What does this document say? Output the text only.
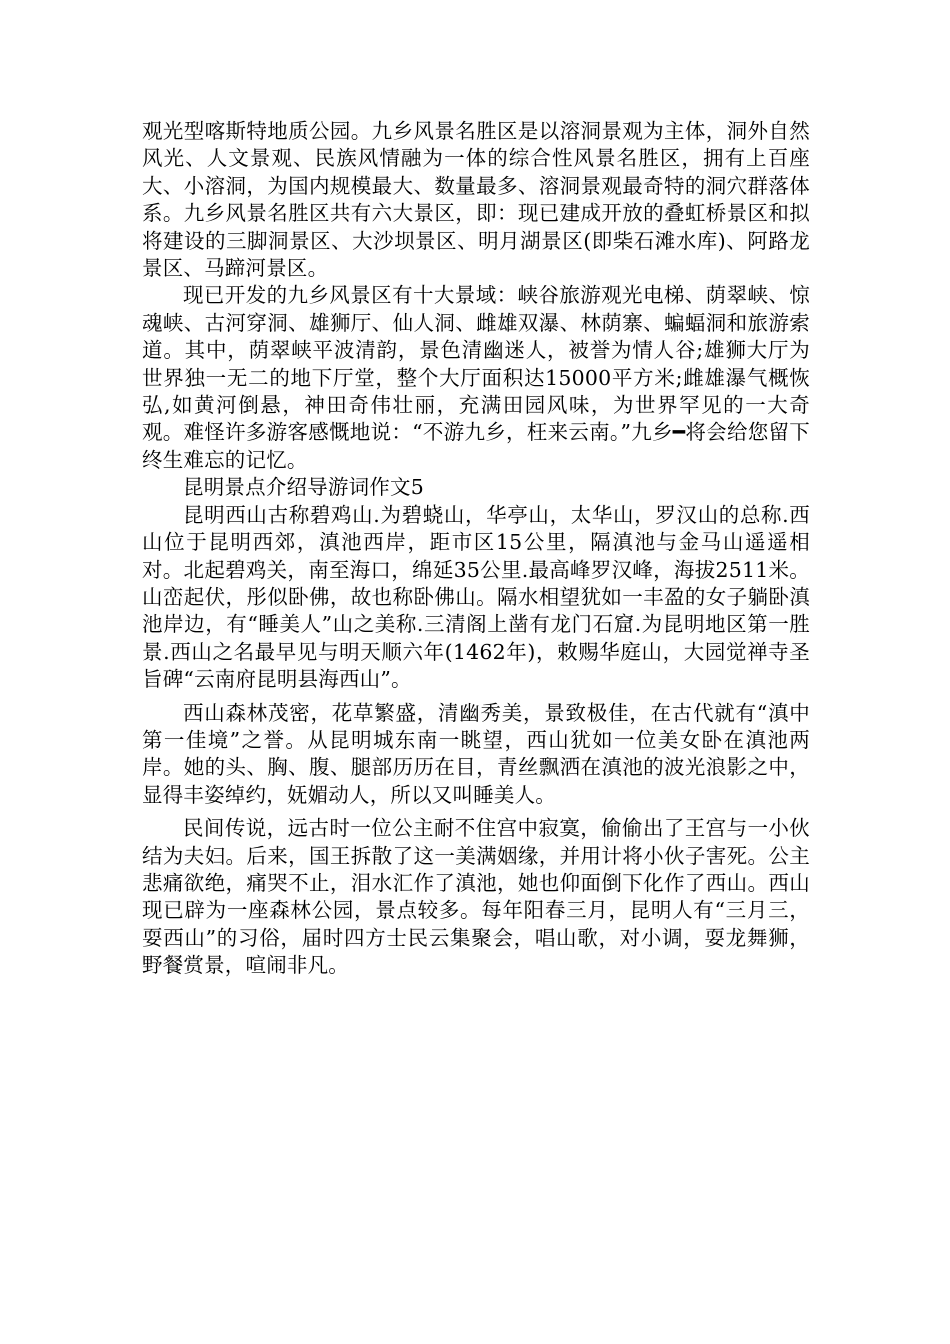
观光型喀斯特地质公园。九乡风景名胜区是以溶洞景观为主体，洞外自然风光、人文景观、民族风情融为一体的综合性风景名胜区，拥有上百座大、小溶洞，为国内规模最大、数量最多、溶洞景观最奇特的洞穴群落体系。九乡风景名胜区共有六大景区，即：现已建成开放的叠虹桥景区和拟将建设的三脚洞景区、大沙坝景区、明月湖景区(即柴石滩水库)、阿路龙景区、马蹄河景区。

现已开发的九乡风景区有十大景域：峡谷旅游观光电梯、荫翠峡、惊魂峡、古河穿洞、雄狮厅、仙人洞、雌雄双瀑、林荫寨、蝙蝠洞和旅游索道。其中，荫翠峡平波清韵，景色清幽迷人，被誉为情人谷;雄狮大厅为世界独一无二的地下厅堂，整个大厅面积达15000平方米;雌雄瀑气概恢弘,如黄河倒悬，神田奇伟壮丽，充满田园风味，为世界罕见的一大奇观。难怪许多游客感慨地说：“不游九乡，枉来云南。”九乡━将会给您留下终生难忘的记忆。

昆明景点介绍导游词作文5

昆明西山古称碧鸡山.为碧蛲山，华亭山，太华山，罗汉山的总称.西山位于昆明西郊，滇池西岸，距市区15公里，隔滇池与金马山遥遥相对。北起碧鸡关，南至海口，绵延35公里.最高峰罗汉峰，海拔2511米。山峦起伏，彤似卧佛，故也称卧佛山。隔水相望犹如一丰盈的女子躺卧滇池岸边，有“睡美人”山之美称.三清阁上凿有龙门石窟.为昆明地区第一胜景.西山之名最早见与明天顺六年(1462年)，敕赐华庭山，大园觉禅寺圣旨碑“云南府昆明县海西山”。

西山森林茂密，花草繁盛，清幽秀美，景致极佳，在古代就有“滇中第一佳境”之誉。从昆明城东南一眺望，西山犹如一位美女卧在滇池两岸。她的头、胸、腹、腿部历历在目，青丝飘洒在滇池的波光浪影之中，显得丰姿绰约，妩媚动人，所以又叫睡美人。

民间传说，远古时一位公主耐不住宫中寂寞，偷偷出了王宫与一小伙结为夫妇。后来，国王拆散了这一美满姻缘，并用计将小伙子害死。公主悲痛欲绝，痛哭不止，泪水汇作了滇池，她也仰面倒下化作了西山。西山现已辟为一座森林公园，景点较多。每年阳春三月，昆明人有“三月三，耍西山”的习俗，届时四方士民云集聚会，唱山歌，对小调，耍龙舞狮，野餐赏景，喧闹非凡。
